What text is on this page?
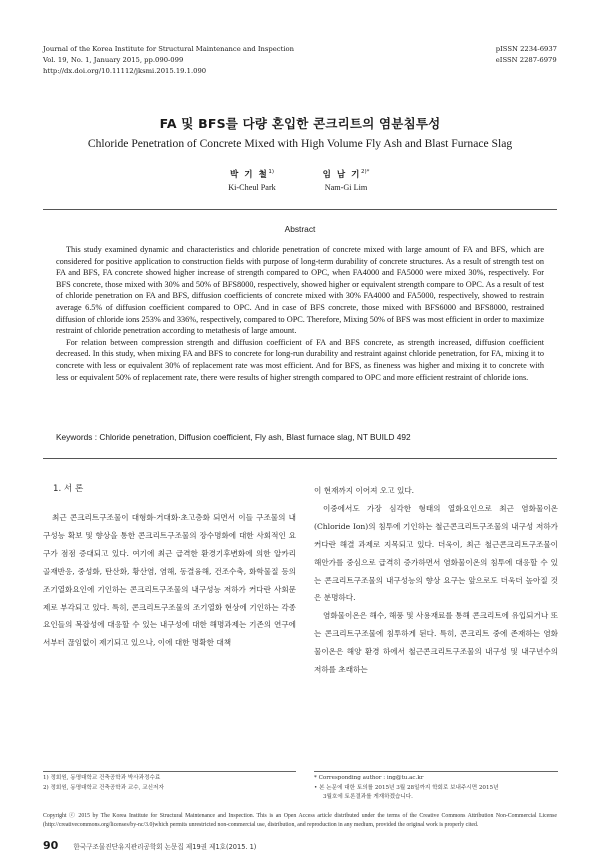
Journal of the Korea Institute for Structural Maintenance and Inspection
Vol. 19, No. 1, January 2015, pp.090-099
http://dx.doi.org/10.11112/jksmi.2015.19.1.090
pISSN 2234-6937
eISSN 2287-6979
FA 및 BFS를 다량 혼입한 콘크리트의 염분침투성
Chloride Penetration of Concrete Mixed with High Volume Fly Ash and Blast Furnace Slag
박 기 철$^{1)}$
Ki-Cheul Park
임 남 기$^{2)*}$
Nam-Gi Lim
Abstract

This study examined dynamic and characteristics and chloride penetration of concrete mixed with large amount of FA and BFS, which are considered for positive application to construction fields with purpose of long-term durability of concrete structures. As a result of strength test on FA and BFS, FA concrete showed higher increase of strength compared to OPC, when FA4000 and FA5000 were mixed 30%, respectively. For BFS concrete, those mixed with 30% and 50% of BFS8000, respectively, showed higher or equivalent strength compare to OPC. As a result of test of chloride penetration on FA and BFS, diffusion coefficients of concrete mixed with 30% FA4000 and FA5000, respectively, showed to restrain average 6.5% of diffusion coefficient compared to OPC. And in case of BFS concrete, those mixed with BFS6000 and BFS8000, restrained diffusion of chloride ions 253% and 336%, respectively, compared to OPC. Therefore, Mixing 50% of BFS was most efficient in order to maximize restraint of chloride penetration according to metathesis of large amount.

For relation between compression strength and diffusion coefficient of FA and BFS concrete, as strength increased, diffusion coefficient decreased. In this study, when mixing FA and BFS to concrete for long-run durability and restraint against chloride penetration, for FA, mixing it to concrete with less or equivalent 30% of replacement rate was most efficient. And for BFS, as fineness was higher and mixing it to concrete with less or equivalent 50% of replacement rate, there were results of higher strength compared to OPC and more efficient restraint of chloride ions.

Keywords : Chloride penetration, Diffusion coefficient, Fly ash, Blast furnace slag, NT BUILD 492
1. 서 론

최근 콘크리트구조물이 대형화·거대화·초고층화 되면서 이들 구조물의 내구성능 확보 및 향상을 통한 콘크리트구조물의 장수명화에 대한 사회적인 요구가 점점 증대되고 있다. 여기에 최근 급격한 환경기후변화에 의한 알카리 골재반응, 중성화, 탄산화, 황산염, 염해, 동결융해, 건조수축, 화학물질 등의 조기열화요인에 기인하는 콘크리트구조물의 내구성능 저하가 커다란 사회문제로 부각되고 있다. 특히, 콘크리트구조물의 조기열화 현상에 기인하는 각종 요인들의 복잡성에 대응할 수 있는 내구성에 대한 해명과제는 기존의 연구에서부터 끊임없이 제기되고 있으나, 이에 대한 명확한 대책

이 현재까지 이어져 오고 있다.

이중에서도 가장 심각한 형태의 열화요인으로 최근 염화물이온 (Chloride Ion)의 침투에 기인하는 철근콘크리트구조물의 내구성 저하가 커다란 해결 과제로 지목되고 있다. 더욱이, 최근 철근콘크리트구조물이 해안가를 중심으로 급격히 증가하면서 염화물이온의 침투에 대응할 수 있는 콘크리트구조물의 내구성능의 향상 요구는 앞으로도 더욱더 높아질 것은 분명하다.

염화물이온은 해수, 해풍 및 사용재료를 통해 콘크리트에 유입되거나 또는 콘크리트구조물에 침투하게 된다. 특히, 콘크리트 중에 존재하는 염화물이온은 해양 환경 하에서 철근콘크리트구조물의 내구성 및 내구년수의 저하를 초래하는

1) 정회원, 동명대학교 건축공학과 박사과정수료
2) 정회원, 동명대학교 건축공학과 교수, 교신저자
* Corresponding author : ing@tu.ac.kr
• 본 논문에 대한 토의를 2015년 3월 28일까지 학회로 보내주시면 2015년
3월호에 토론결과를 게재하겠습니다.
Copyright ⓒ 2015 by The Korea Institute for Structural Maintenance and Inspection. This is an Open Access article distributed under the terms of the Creative Commons Attribution Non-Commercial License (http://creativecommons.org/licenses/by-nc/3.0)which permits unrestricted non-commercial use, distribution, and reproduction in any medium, provided the original work is properly cited.
90 한국구조물진단유지관리공학회 논문집 제19권 제1호(2015. 1)
